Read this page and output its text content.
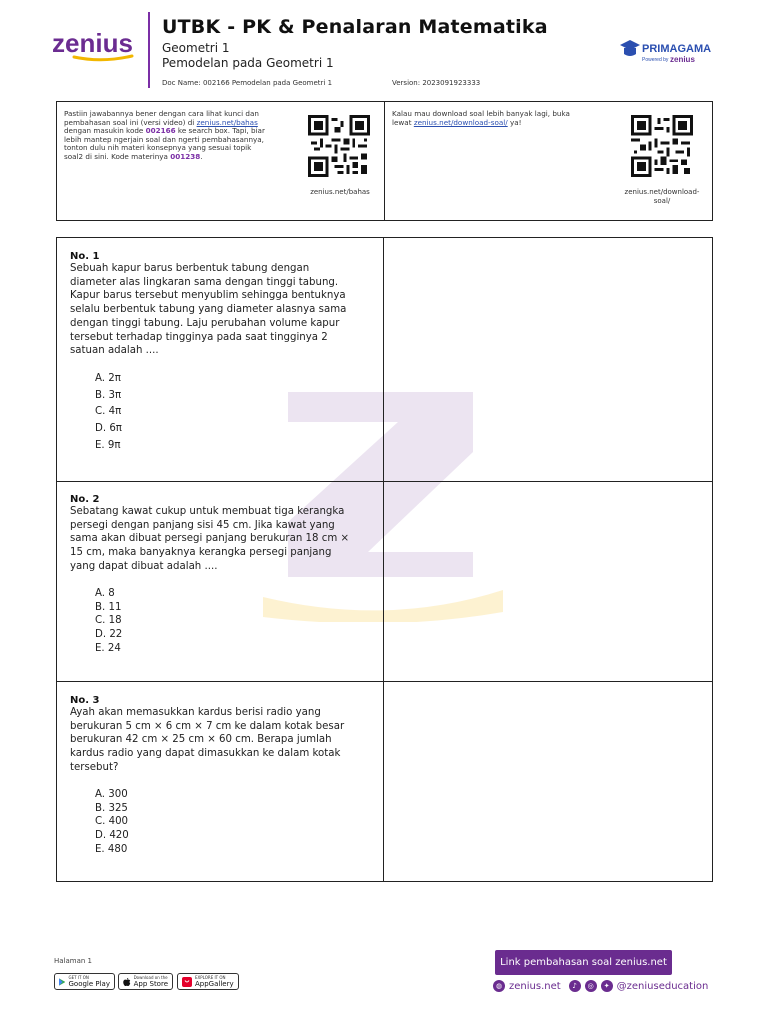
zenius
UTBK - PK & Penalaran Matematika
Geometri 1
Pemodelan pada Geometri 1
Doc Name: 002166 Pemodelan pada Geometri 1	Version: 2023091923333
PRIMAGAMA
Powered by zenius
Pastiin jawabannya bener dengan cara lihat kunci dan
pembahasan soal ini (versi video) di zenius.net/bahas
dengan masukin kode 002166 ke search box. Tapi, biar
lebih mantep ngerjain soal dan ngerti pembahasannya,
tonton dulu nih materi konsepnya yang sesuai topik
soal2 di sini. Kode materinya 001238.
zenius.net/bahas
Kalau mau download soal lebih banyak lagi, buka
lewat zenius.net/download-soal/ ya!
zenius.net/download-
soal/
No. 1
Sebuah kapur barus berbentuk tabung dengan
diameter alas lingkaran sama dengan tinggi tabung.
Kapur barus tersebut menyublim sehingga bentuknya
selalu berbentuk tabung yang diameter alasnya sama
dengan tinggi tabung. Laju perubahan volume kapur
tersebut terhadap tingginya pada saat tingginya 2
satuan adalah ....
A. 2π
B. 3π
C. 4π
D. 6π
E. 9π
No. 2
Sebatang kawat cukup untuk membuat tiga kerangka
persegi dengan panjang sisi 45 cm. Jika kawat yang
sama akan dibuat persegi panjang berukuran 18 cm ×
15 cm, maka banyaknya kerangka persegi panjang
yang dapat dibuat adalah ....
A. 8
B. 11
C. 18
D. 22
E. 24
No. 3
Ayah akan memasukkan kardus berisi radio yang
berukuran 5 cm × 6 cm × 7 cm ke dalam kotak besar
berukuran 42 cm × 25 cm × 60 cm. Berapa jumlah
kardus radio yang dapat dimasukkan ke dalam kotak
tersebut?
A. 300
B. 325
C. 400
D. 420
E. 480
Halaman 1
GET IT ON
Google Play
Download on the
App Store
EXPLORE IT ON
AppGallery
Link pembahasan soal zenius.net
◍ zenius.net	♪	◎	✦ @zeniuseducation
